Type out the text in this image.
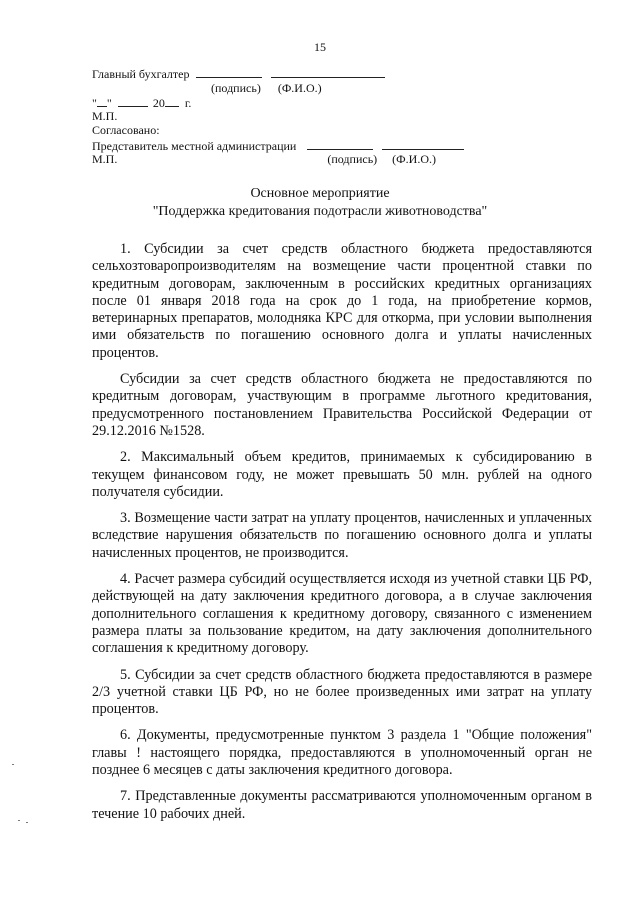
15
Главный бухгалтер
(подпись) (Ф.И.О.)
" "	20 г.
М.П.
Согласовано:
Представитель местной администрации
М.П.	(подпись) (Ф.И.О.)
Основное мероприятие
"Поддержка кредитования подотрасли животноводства"

1. Субсидии за счет средств областного бюджета предоставляются сельхозтоваропроизводителям на возмещение части процентной ставки по кредитным договорам, заключенным в российских кредитных организациях после 01 января 2018 года на срок до 1 года, на приобретение кормов, ветеринарных препаратов, молодняка КРС для откорма, при условии выполнения ими обязательств по погашению основного долга и уплаты начисленных процентов.

Субсидии за счет средств областного бюджета не предоставляются по кредитным договорам, участвующим в программе льготного кредитования, предусмотренного постановлением Правительства Российской Федерации от 29.12.2016 №1528.

2. Максимальный объем кредитов, принимаемых к субсидированию в текущем финансовом году, не может превышать 50 млн. рублей на одного получателя субсидии.

3. Возмещение части затрат на уплату процентов, начисленных и уплаченных вследствие нарушения обязательств по погашению основного долга и уплаты начисленных процентов, не производится.

4. Расчет размера субсидий осуществляется исходя из учетной ставки ЦБ РФ, действующей на дату заключения кредитного договора, а в случае заключения дополнительного соглашения к кредитному договору, связанного с изменением размера платы за пользование кредитом, на дату заключения дополнительного соглашения к кредитному договору.

5. Субсидии за счет средств областного бюджета предоставляются в размере 2/3 учетной ставки ЦБ РФ, но не более произведенных ими затрат на уплату процентов.

6. Документы, предусмотренные пунктом 3 раздела 1 "Общие положения" главы ! настоящего порядка, предоставляются в уполномоченный орган не позднее 6 месяцев с даты заключения кредитного договора.

7. Представленные документы рассматриваются уполномоченным органом в течение 10 рабочих дней.
